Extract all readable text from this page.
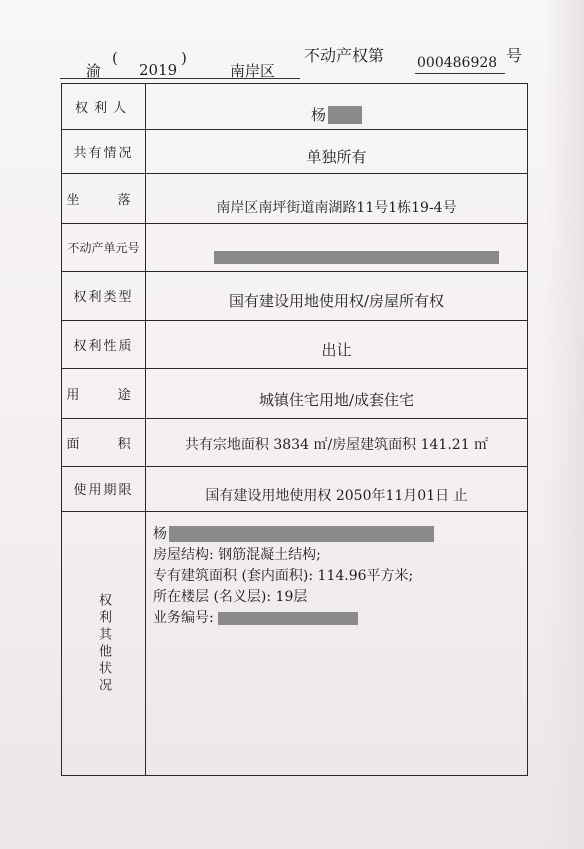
渝
(
2019
)
南岸区
不动产权第 000486928 号
权利人	杨
共有情况	单独所有
坐  落	南岸区南坪街道南湖路11号1栋19-4号
不动产单元号
权利类型	国有建设用地使用权/房屋所有权
权利性质	出让
用  途	城镇住宅用地/成套住宅
面  积	共有宗地面积 3834 ㎡/房屋建筑面积 141.21 ㎡
使用期限	国有建设用地使用权 2050年11月01日 止
权利其他状况
杨
房屋结构: 钢筋混凝土结构;
专有建筑面积 (套内面积): 114.96平方米;
所在楼层 (名义层): 19层
业务编号:
